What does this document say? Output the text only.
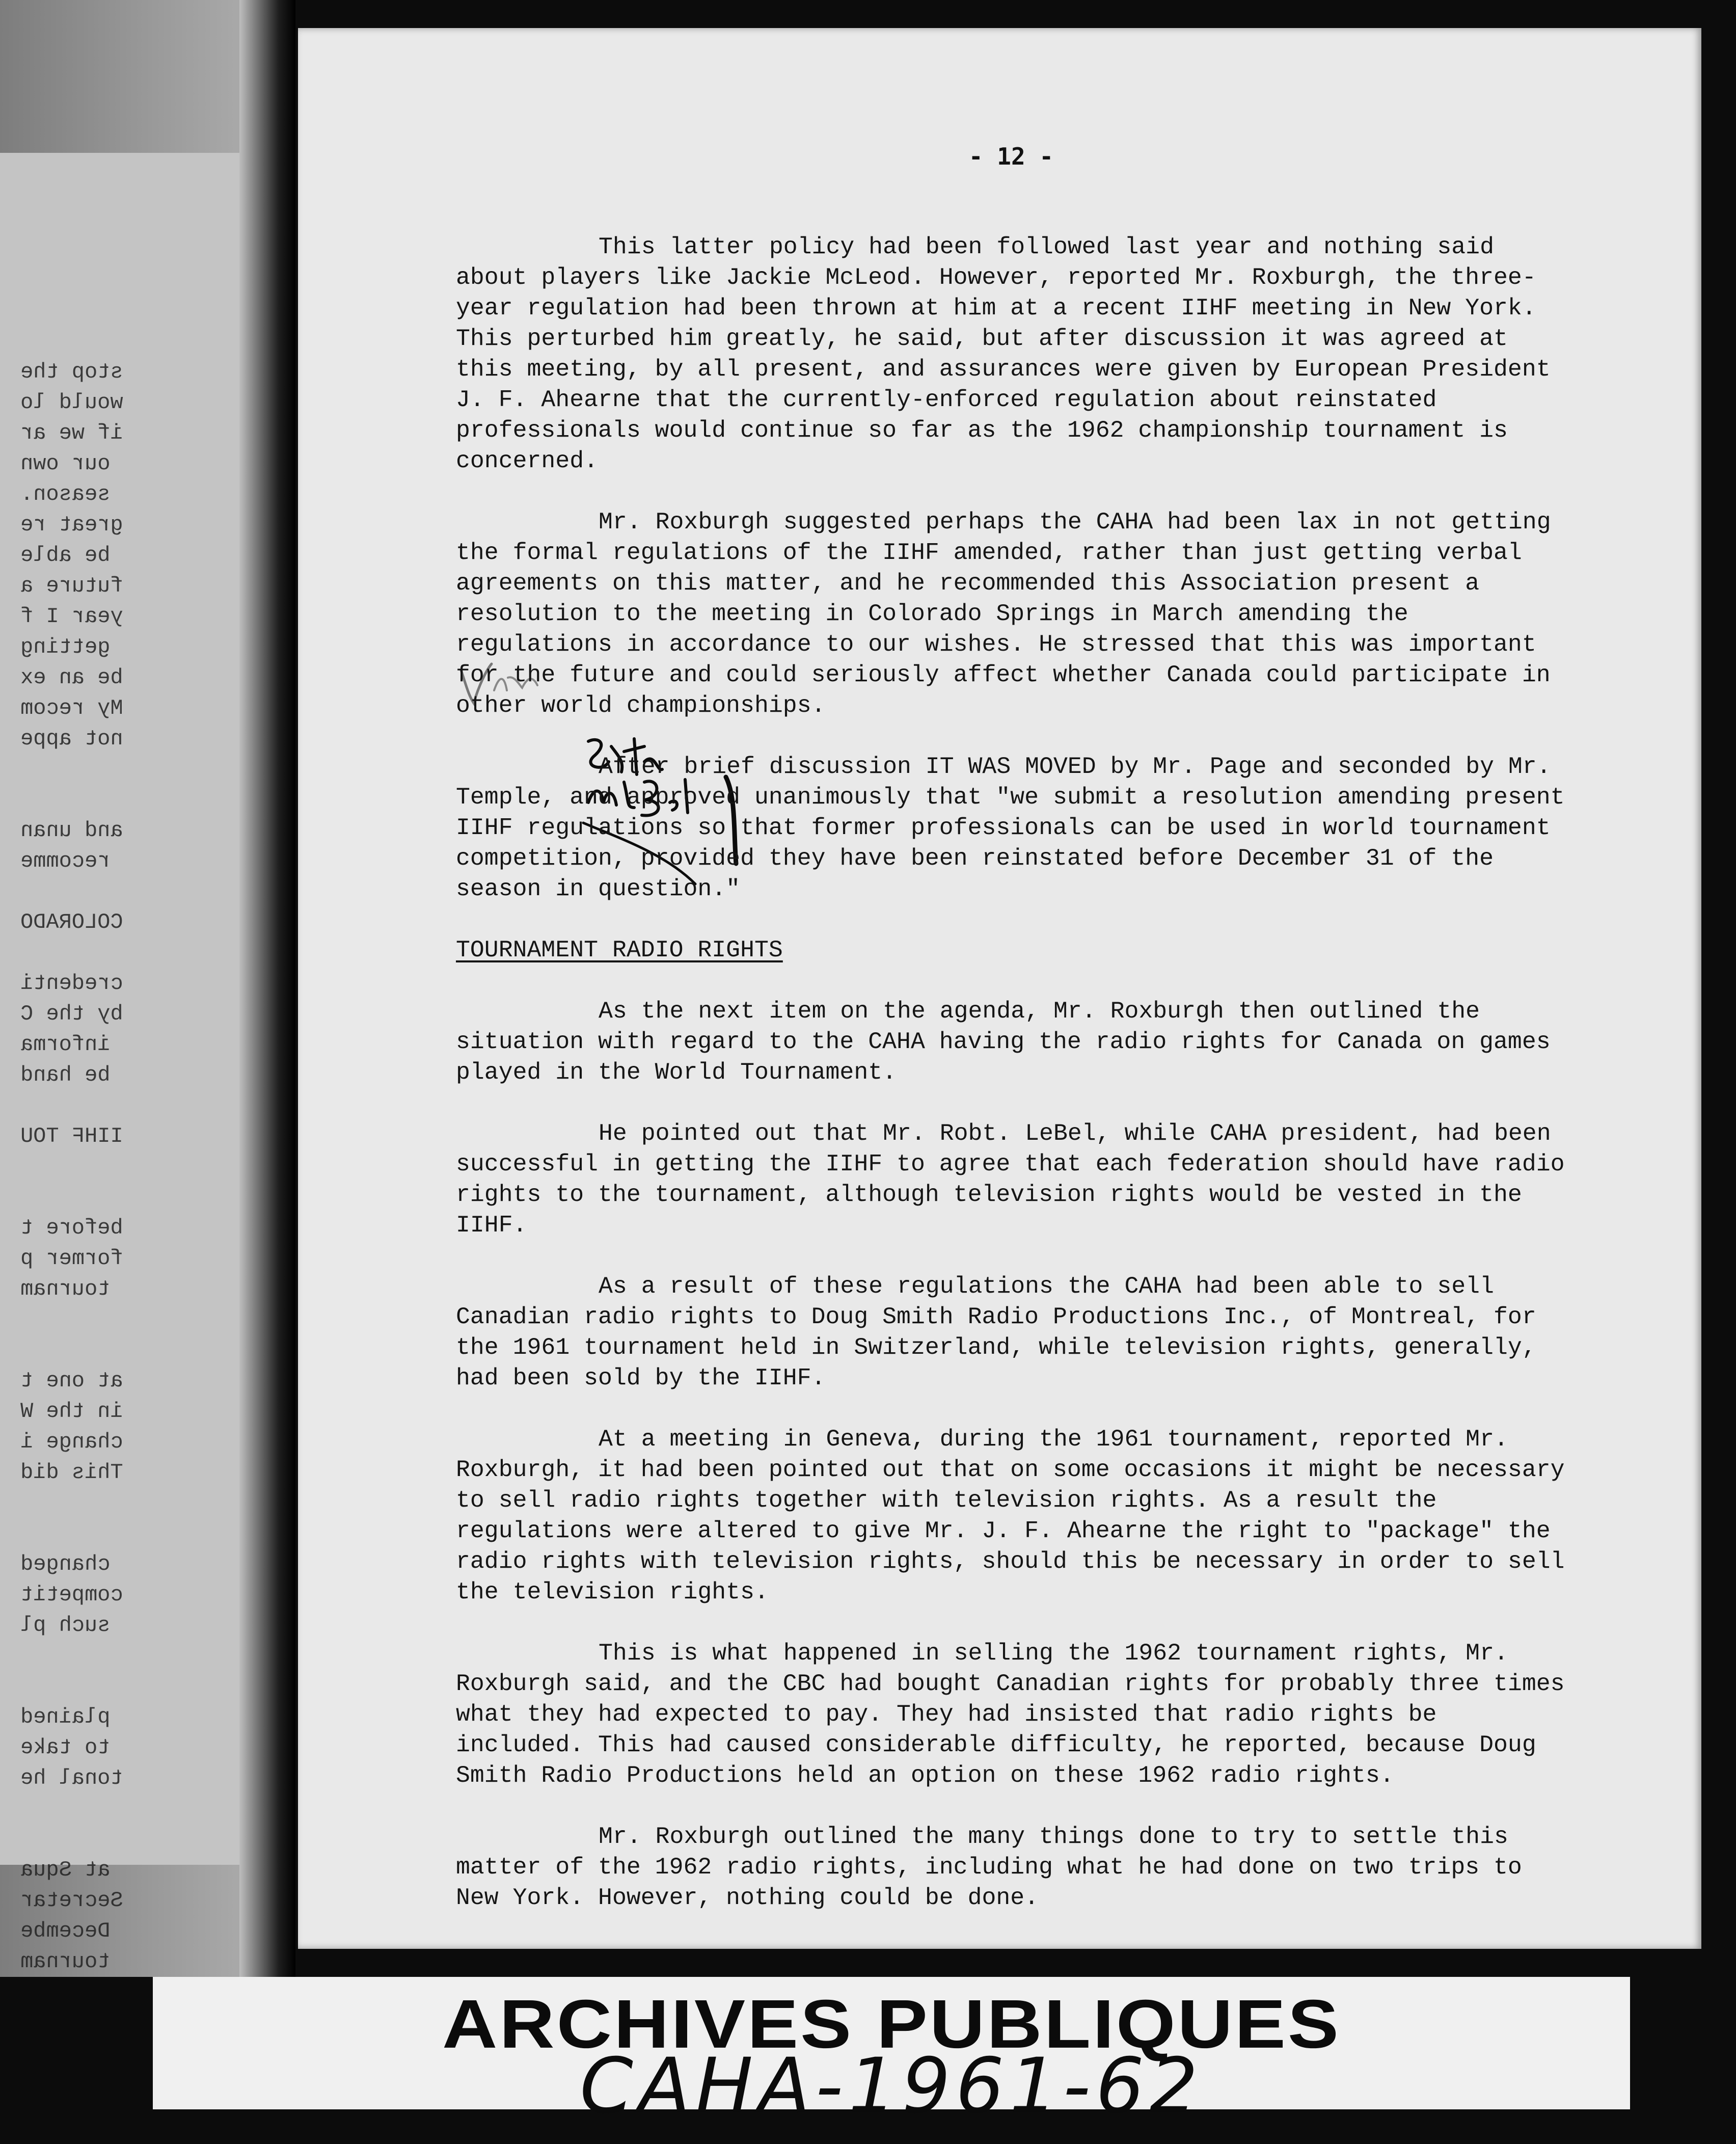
stop the
would lo
if we ar
our own
season.
great re
be able
future a
year I f
getting
be an ex
My recom
not appe
and unan
recomme
COLORADO
credenti
by the C
informa
be hand
IIHF TOU
before t
former p
tournam
at one t
in the W
change i
This did
changed
competit
such pl
plained
to take
tonal he
at Squa
Secretar
Decembe
tournam
- 12 -

This latter policy had been followed last year and nothing said about players like Jackie McLeod. However, reported Mr. Roxburgh, the three-year regulation had been thrown at him at a recent IIHF meeting in New York. This perturbed him greatly, he said, but after discussion it was agreed at this meeting, by all present, and assurances were given by European President J. F. Ahearne that the currently-enforced regulation about reinstated professionals would continue so far as the 1962 championship tournament is concerned.

Mr. Roxburgh suggested perhaps the CAHA had been lax in not getting the formal regulations of the IIHF amended, rather than just getting verbal agreements on this matter, and he recommended this Association present a resolution to the meeting in Colorado Springs in March amending the regulations in accordance to our wishes. He stressed that this was important for the future and could seriously affect whether Canada could participate in other world championships.

After brief discussion IT WAS MOVED by Mr. Page and seconded by Mr. Temple, and approved unanimously that "we submit a resolution amending present IIHF regulations so that former professionals can be used in world tournament competition, provided they have been reinstated before December 31 of the season in question."

TOURNAMENT RADIO RIGHTS

As the next item on the agenda, Mr. Roxburgh then outlined the situation with regard to the CAHA having the radio rights for Canada on games played in the World Tournament.

He pointed out that Mr. Robt. LeBel, while CAHA president, had been successful in getting the IIHF to agree that each federation should have radio rights to the tournament, although television rights would be vested in the IIHF.

As a result of these regulations the CAHA had been able to sell Canadian radio rights to Doug Smith Radio Productions Inc., of Montreal, for the 1961 tournament held in Switzerland, while television rights, generally, had been sold by the IIHF.

At a meeting in Geneva, during the 1961 tournament, reported Mr. Roxburgh, it had been pointed out that on some occasions it might be necessary to sell radio rights together with television rights. As a result the regulations were altered to give Mr. J. F. Ahearne the right to "package" the radio rights with television rights, should this be necessary in order to sell the television rights.

This is what happened in selling the 1962 tournament rights, Mr. Roxburgh said, and the CBC had bought Canadian rights for probably three times what they had expected to pay. They had insisted that radio rights be included. This had caused considerable difficulty, he reported, because Doug Smith Radio Productions held an option on these 1962 radio rights.

Mr. Roxburgh outlined the many things done to try to settle this matter of the 1962 radio rights, including what he had done on two trips to New York. However, nothing could be done.

ARCHIVES PUBLIQUES
CAHA-1961-62
